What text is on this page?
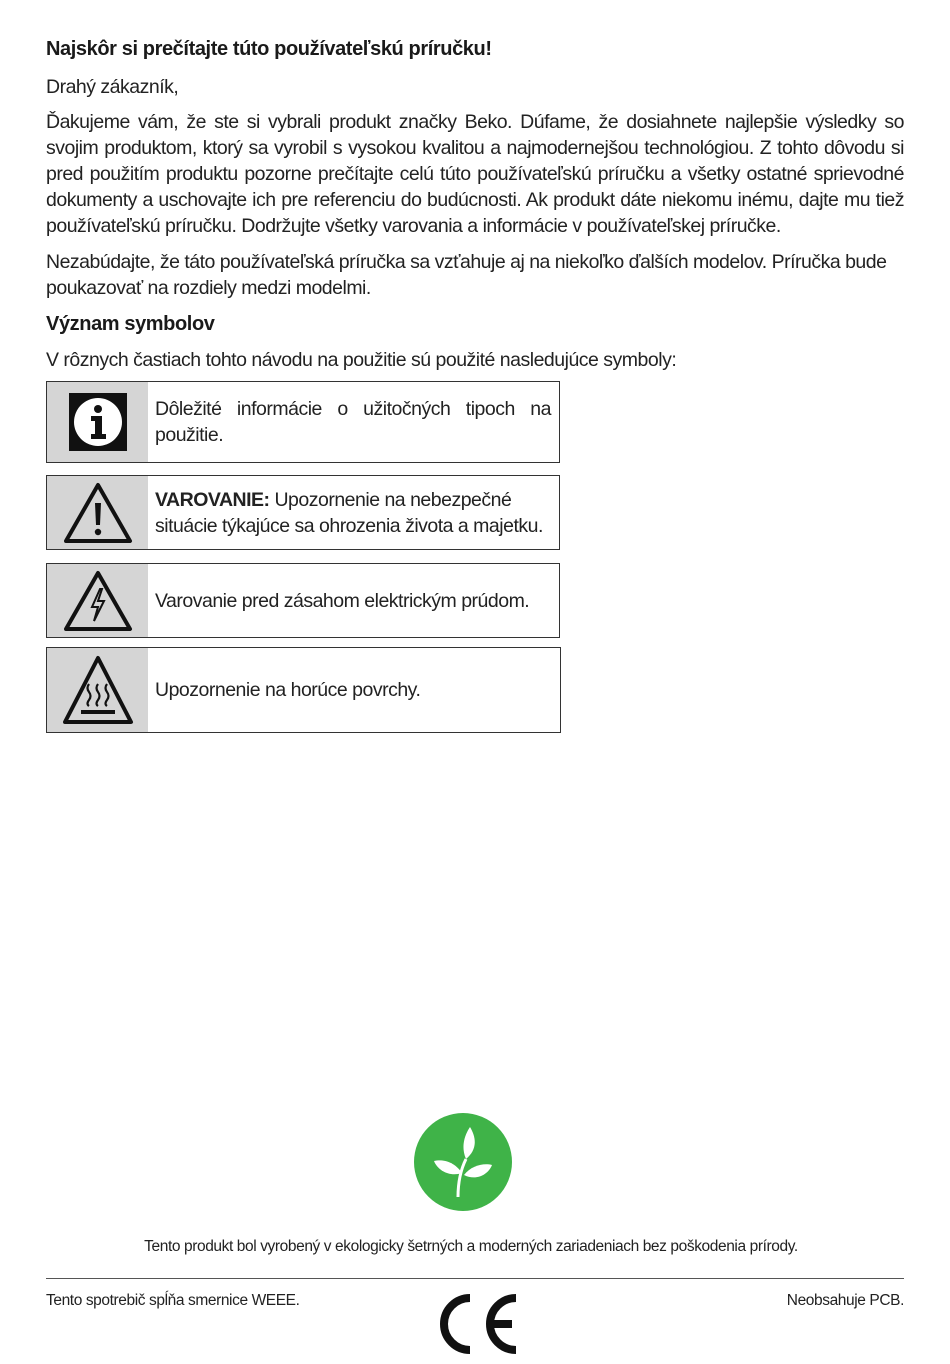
Najskôr si prečítajte túto používateľskú príručku!
Drahý zákazník,
Ďakujeme vám, že ste si vybrali produkt značky Beko. Dúfame, že dosiahnete najlepšie výsledky so svojim produktom, ktorý sa vyrobil s vysokou kvalitou a najmodernejšou technológiou. Z tohto dôvodu si pred použitím produktu pozorne prečítajte celú túto používateľskú príručku a všetky ostatné sprievodné dokumenty a uschovajte ich pre referenciu do budúcnosti. Ak produkt dáte niekomu inému, dajte mu tiež používateľskú príručku. Dodržujte všetky varovania a informácie v používateľskej príručke.
Nezabúdajte, že táto používateľská príručka sa vzťahuje aj na niekoľko ďalších modelov. Príručka bude poukazovať na rozdiely medzi modelmi.
Význam symbolov
V rôznych častiach tohto návodu na použitie sú použité nasledujúce symboly:
Dôležité informácie o užitočných tipoch na použitie.
VAROVANIE: Upozornenie na nebezpečné situácie týkajúce sa ohrozenia života a majetku.
Varovanie pred zásahom elektrickým prúdom.
Upozornenie na horúce povrchy.
Tento produkt bol vyrobený v ekologicky šetrných a moderných zariadeniach bez poškodenia prírody.
Tento spotrebič spĺňa smernice WEEE.	Neobsahuje PCB.
